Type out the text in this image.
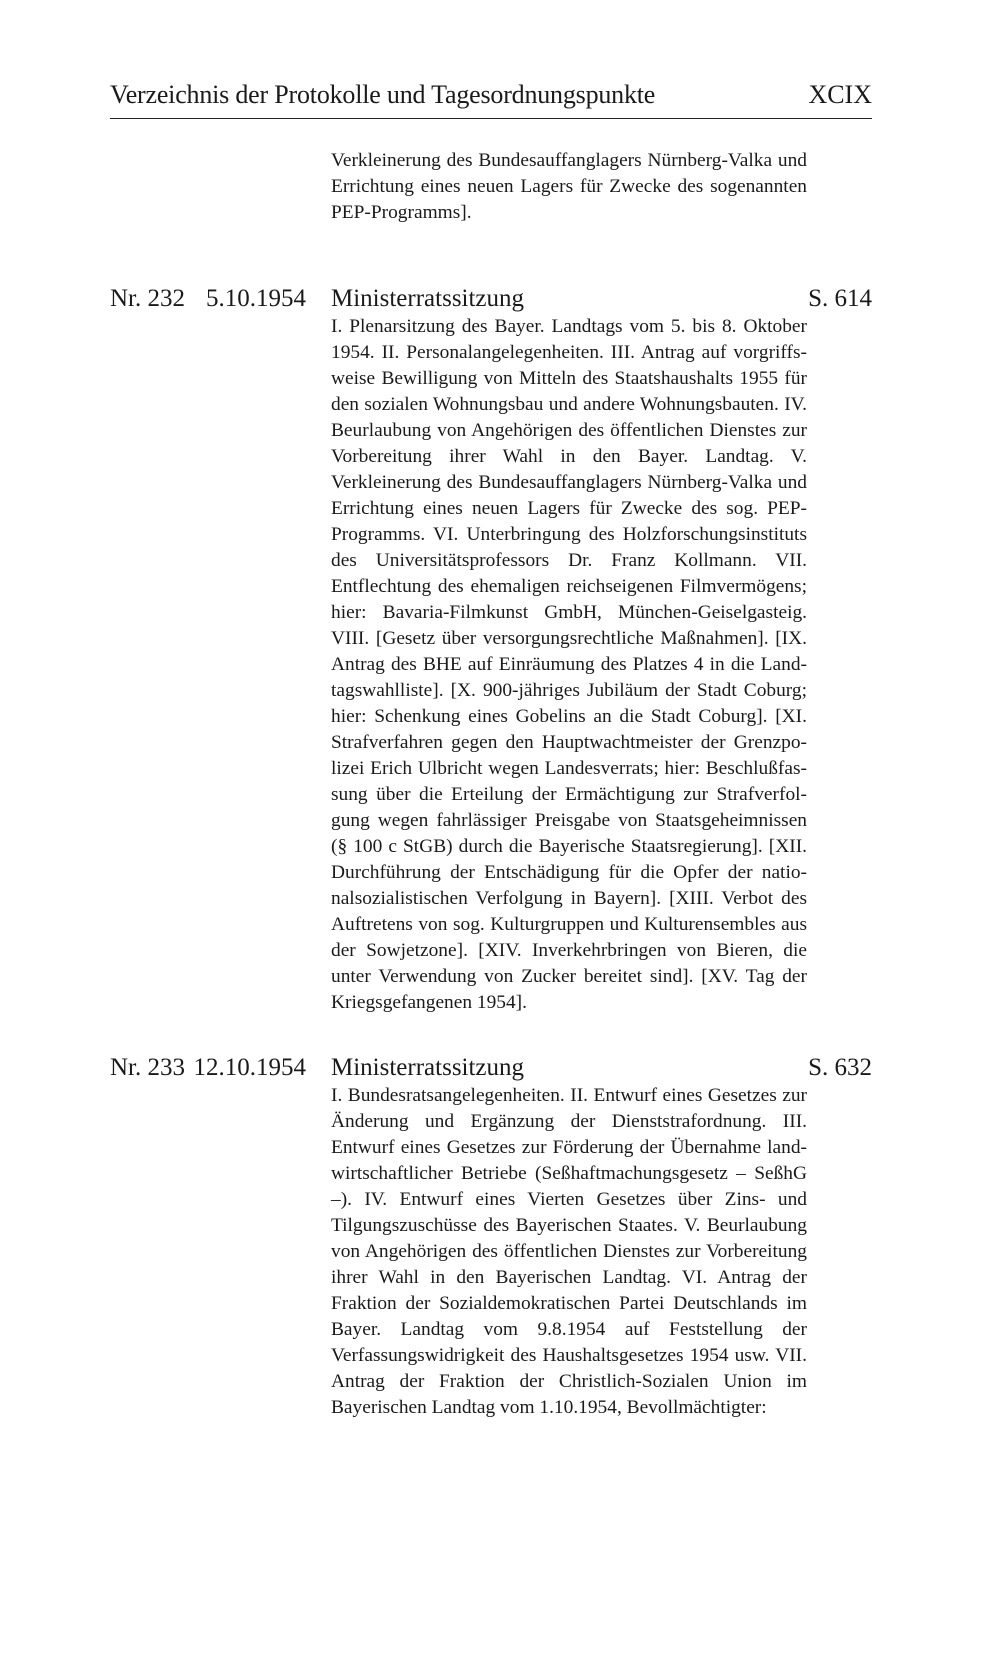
Verzeichnis der Protokolle und Tagesordnungspunkte	XCIX

Verkleinerung des Bundesauffanglagers Nürnberg-Valka und Errichtung eines neuen Lagers für Zwecke des sogenannten PEP-Programms].

Nr. 232 5.10.1954 Ministerratssitzung	S. 614

I. Plenarsitzung des Bayer. Landtags vom 5. bis 8. Oktober 1954. II. Personalangelegenheiten. III. Antrag auf vorgriffsweise Bewilligung von Mitteln des Staatshaushalts 1955 für den sozialen Wohnungsbau und andere Wohnungsbauten. IV. Beurlaubung von Angehörigen des öffentlichen Dienstes zur Vorbereitung ihrer Wahl in den Bayer. Landtag. V. Verkleinerung des Bundesauffanglagers Nürnberg-Valka und Errichtung eines neuen Lagers für Zwecke des sog. PEP-Programms. VI. Unterbringung des Holzforschungsinstituts des Universitätsprofessors Dr. Franz Kollmann. VII. Entflechtung des ehemaligen reichseigenen Filmvermögens; hier: Bavaria-Filmkunst GmbH, München-Geiselgasteig. VIII. [Gesetz über versorgungsrechtliche Maßnahmen]. [IX. Antrag des BHE auf Einräumung des Platzes 4 in die Landtagswahlliste]. [X. 900-jähriges Jubiläum der Stadt Coburg; hier: Schenkung eines Gobelins an die Stadt Coburg]. [XI. Strafverfahren gegen den Hauptwachtmeister der Grenzpolizei Erich Ulbricht wegen Landesverrats; hier: Beschlußfassung über die Erteilung der Ermächtigung zur Strafverfolgung wegen fahrlässiger Preisgabe von Staatsgeheimnissen (§ 100 c StGB) durch die Bayerische Staatsregierung]. [XII. Durchführung der Entschädigung für die Opfer der nationalsozialistischen Verfolgung in Bayern]. [XIII. Verbot des Auftretens von sog. Kulturgruppen und Kulturensembles aus der Sowjetzone]. [XIV. Inverkehrbringen von Bieren, die unter Verwendung von Zucker bereitet sind]. [XV. Tag der Kriegsgefangenen 1954].

Nr. 233 12.10.1954 Ministerratssitzung	S. 632

I. Bundesratsangelegenheiten. II. Entwurf eines Gesetzes zur Änderung und Ergänzung der Dienststrafordnung. III. Entwurf eines Gesetzes zur Förderung der Übernahme landwirtschaftlicher Betriebe (Seßhaftmachungsgesetz – SeßhG –). IV. Entwurf eines Vierten Gesetzes über Zins- und Tilgungszuschüsse des Bayerischen Staates. V. Beurlaubung von Angehörigen des öffentlichen Dienstes zur Vorbereitung ihrer Wahl in den Bayerischen Landtag. VI. Antrag der Fraktion der Sozialdemokratischen Partei Deutschlands im Bayer. Landtag vom 9.8.1954 auf Feststellung der Verfassungswidrigkeit des Haushaltsgesetzes 1954 usw. VII. Antrag der Fraktion der Christlich-Sozialen Union im Bayerischen Landtag vom 1.10.1954, Bevollmächtigter:
